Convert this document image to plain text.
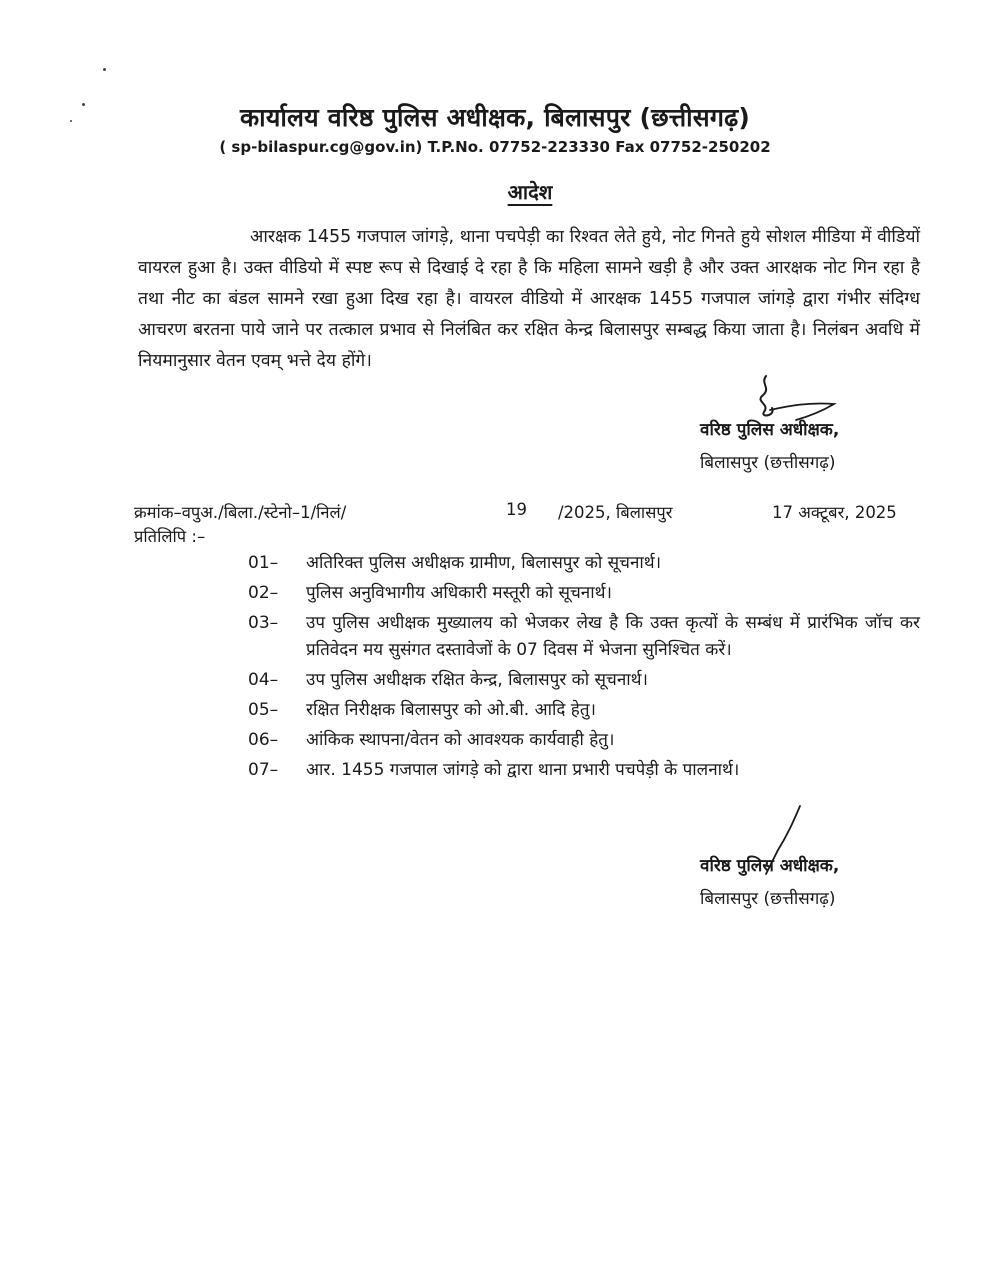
कार्यालय वरिष्ठ पुलिस अधीक्षक, बिलासपुर (छत्तीसगढ़)
( sp-bilaspur.cg@gov.in) T.P.No. 07752-223330 Fax 07752-250202
आदेश

आरक्षक 1455 गजपाल जांगड़े, थाना पचपेड़ी का रिश्वत लेते हुये, नोट गिनते हुये सोशल मीडिया में वीडियों वायरल हुआ है। उक्त वीडियो में स्पष्ट रूप से दिखाई दे रहा है कि महिला सामने खड़ी है और उक्त आरक्षक नोट गिन रहा है तथा नीट का बंडल सामने रखा हुआ दिख रहा है। वायरल वीडियो में आरक्षक 1455 गजपाल जांगड़े द्वारा गंभीर संदिग्ध आचरण बरतना पाये जाने पर तत्काल प्रभाव से निलंबित कर रक्षित केन्द्र बिलासपुर सम्बद्ध किया जाता है। निलंबन अवधि में नियमानुसार वेतन एवम् भत्ते देय होंगे।

वरिष्ठ पुलिस अधीक्षक,
बिलासपुर (छत्तीसगढ़)
क्रमांक–वपुअ./बिला./स्टेनो–1/निलं/	19 /2025, बिलासपुर	17 अक्टूबर, 2025
प्रतिलिपि :–
01–	अतिरिक्त पुलिस अधीक्षक ग्रामीण, बिलासपुर को सूचनार्थ।
02–	पुलिस अनुविभागीय अधिकारी मस्तूरी को सूचनार्थ।
03–	उप पुलिस अधीक्षक मुख्यालय को भेजकर लेख है कि उक्त कृत्यों के सम्बंध में प्रारंभिक जॉच कर प्रतिवेदन मय सुसंगत दस्तावेजों के 07 दिवस में भेजना सुनिश्चित करें।
04–	उप पुलिस अधीक्षक रक्षित केन्द्र, बिलासपुर को सूचनार्थ।
05–	रक्षित निरीक्षक बिलासपुर को ओ.बी. आदि हेतु।
06–	आंकिक स्थापना/वेतन को आवश्यक कार्यवाही हेतु।
07–	आर. 1455 गजपाल जांगड़े को द्वारा थाना प्रभारी पचपेड़ी के पालनार्थ।
वरिष्ठ पुलिस अधीक्षक,
बिलासपुर (छत्तीसगढ़)
